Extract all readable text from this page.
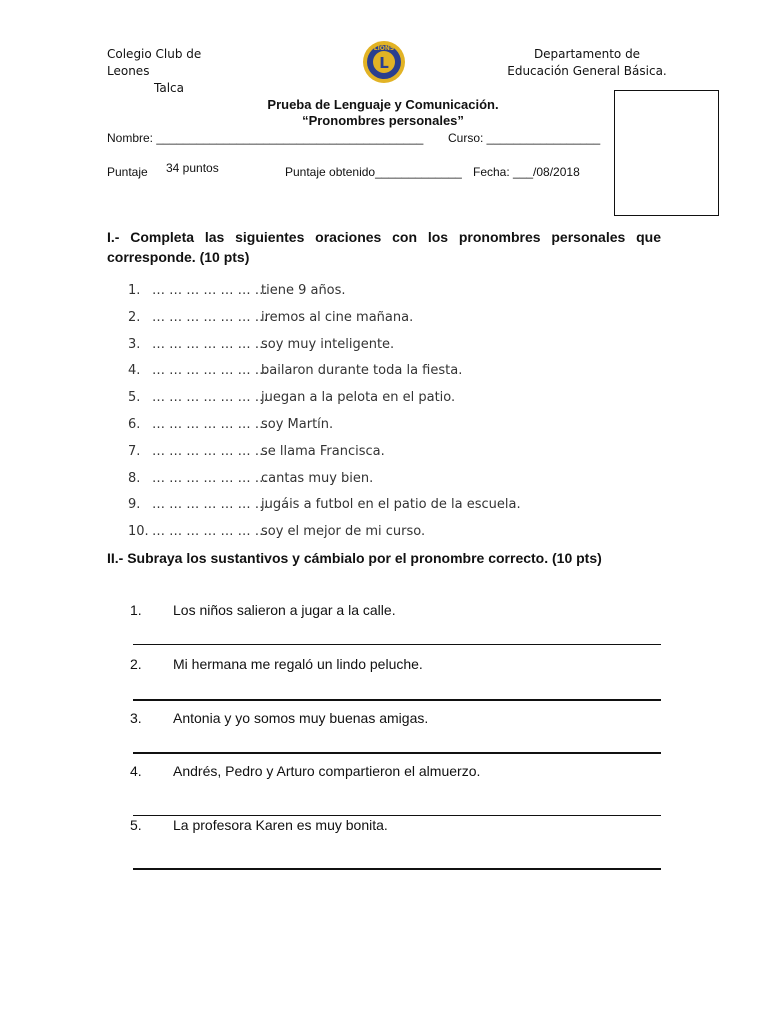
Colegio Club de Leones
Talca
L
LIONS	Departamento de
Educación General Básica.
Prueba de Lenguaje y Comunicación.
“Pronombres personales”
Nombre: ________________________________________ Curso: _________________
Puntaje 34 puntos	Puntaje obtenido_____________ Fecha: ___/08/2018
I.- Completa las siguientes oraciones con los pronombres personales que corresponde. (10 pts)
1. … … … … … … …tiene 9 años.
2. … … … … … … …iremos al cine mañana.
3. … … … … … … …soy muy inteligente.
4. … … … … … … …bailaron durante toda la fiesta.
5. … … … … … … …juegan a la pelota en el patio.
6. … … … … … … …soy Martín.
7. … … … … … … …se llama Francisca.
8. … … … … … … …cantas muy bien.
9. … … … … … … …jugáis a futbol en el patio de la escuela.
10. … … … … … … …soy el mejor de mi curso.
II.- Subraya los sustantivos y cámbialo por el pronombre correcto. (10 pts)
1. Los niños salieron a jugar a la calle.
2. Mi hermana me regaló un lindo peluche.
3. Antonia y yo somos muy buenas amigas.
4. Andrés, Pedro y Arturo compartieron el almuerzo.
5. La profesora Karen es muy bonita.
